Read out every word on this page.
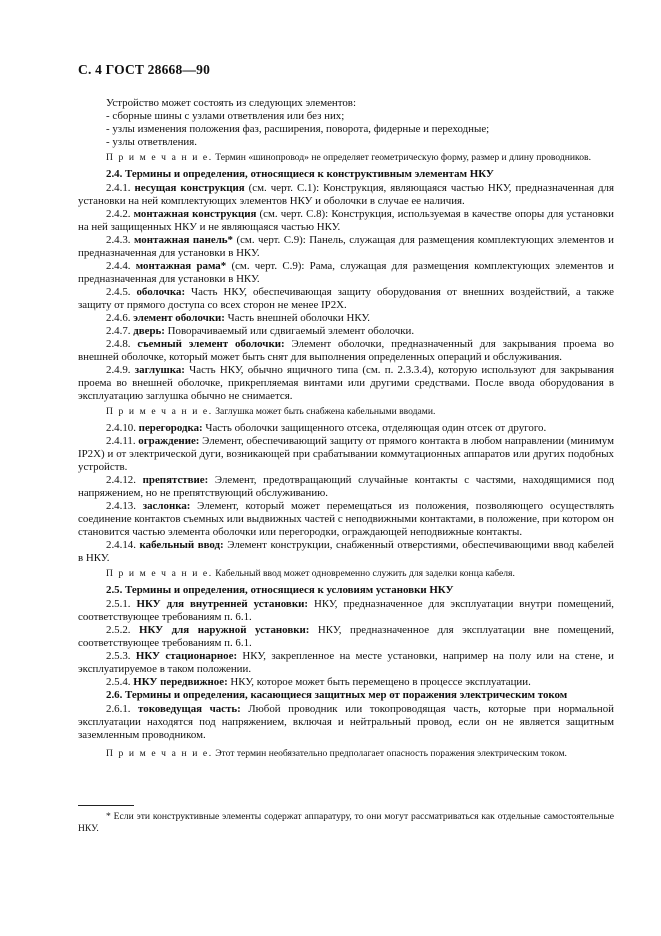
С. 4 ГОСТ 28668—90

Устройство может состоять из следующих элементов:

- сборные шины с узлами ответвления или без них;

- узлы изменения положения фаз, расширения, поворота, фидерные и переходные;

- узлы ответвления.

П р и м е ч а н и е. Термин «шинопровод» не определяет геометрическую форму, размер и длину проводников.

2.4. Термины и определения, относящиеся к конструктивным элементам НКУ

2.4.1. несущая конструкция (см. черт. С.1): Конструкция, являющаяся частью НКУ, предназначенная для установки на ней комплектующих элементов НКУ и оболочки в случае ее наличия.

2.4.2. монтажная конструкция (см. черт. С.8): Конструкция, используемая в качестве опоры для установки на ней защищенных НКУ и не являющаяся частью НКУ.

2.4.3. монтажная панель* (см. черт. С.9): Панель, служащая для размещения комплектующих элементов и предназначенная для установки в НКУ.

2.4.4. монтажная рама* (см. черт. С.9): Рама, служащая для размещения комплектующих элементов и предназначенная для установки в НКУ.

2.4.5. оболочка: Часть НКУ, обеспечивающая защиту оборудования от внешних воздействий, а также защиту от прямого доступа со всех сторон не менее IP2X.

2.4.6. элемент оболочки: Часть внешней оболочки НКУ.

2.4.7. дверь: Поворачиваемый или сдвигаемый элемент оболочки.

2.4.8. съемный элемент оболочки: Элемент оболочки, предназначенный для закрывания проема во внешней оболочке, который может быть снят для выполнения определенных операций и обслуживания.

2.4.9. заглушка: Часть НКУ, обычно ящичного типа (см. п. 2.3.3.4), которую используют для закрывания проема во внешней оболочке, прикрепляемая винтами или другими средствами. После ввода оборудования в эксплуатацию заглушка обычно не снимается.

П р и м е ч а н и е. Заглушка может быть снабжена кабельными вводами.

2.4.10. перегородка: Часть оболочки защищенного отсека, отделяющая один отсек от другого.

2.4.11. ограждение: Элемент, обеспечивающий защиту от прямого контакта в любом направлении (минимум IP2X) и от электрической дуги, возникающей при срабатывании коммутационных аппаратов или других подобных устройств.

2.4.12. препятствие: Элемент, предотвращающий случайные контакты с частями, находящимися под напряжением, но не препятствующий обслуживанию.

2.4.13. заслонка: Элемент, который может перемещаться из положения, позволяющего осуществлять соединение контактов съемных или выдвижных частей с неподвижными контактами, в положение, при котором он становится частью элемента оболочки или перегородки, ограждающей неподвижные контакты.

2.4.14. кабельный ввод: Элемент конструкции, снабженный отверстиями, обеспечивающими ввод кабелей в НКУ.

П р и м е ч а н и е. Кабельный ввод может одновременно служить для заделки конца кабеля.

2.5. Термины и определения, относящиеся к условиям установки НКУ

2.5.1. НКУ для внутренней установки: НКУ, предназначенное для эксплуатации внутри помещений, соответствующее требованиям п. 6.1.

2.5.2. НКУ для наружной установки: НКУ, предназначенное для эксплуатации вне помещений, соответствующее требованиям п. 6.1.

2.5.3. НКУ стационарное: НКУ, закрепленное на месте установки, например на полу или на стене, и эксплуатируемое в таком положении.

2.5.4. НКУ передвижное: НКУ, которое может быть перемещено в процессе эксплуатации.

2.6. Термины и определения, касающиеся защитных мер от поражения электрическим током

2.6.1. токоведущая часть: Любой проводник или токопроводящая часть, которые при нормальной эксплуатации находятся под напряжением, включая и нейтральный провод, если он не является защитным заземленным проводником.

П р и м е ч а н и е. Этот термин необязательно предполагает опасность поражения электрическим током.

* Если эти конструктивные элементы содержат аппаратуру, то они могут рассматриваться как отдельные самостоятельные НКУ.
